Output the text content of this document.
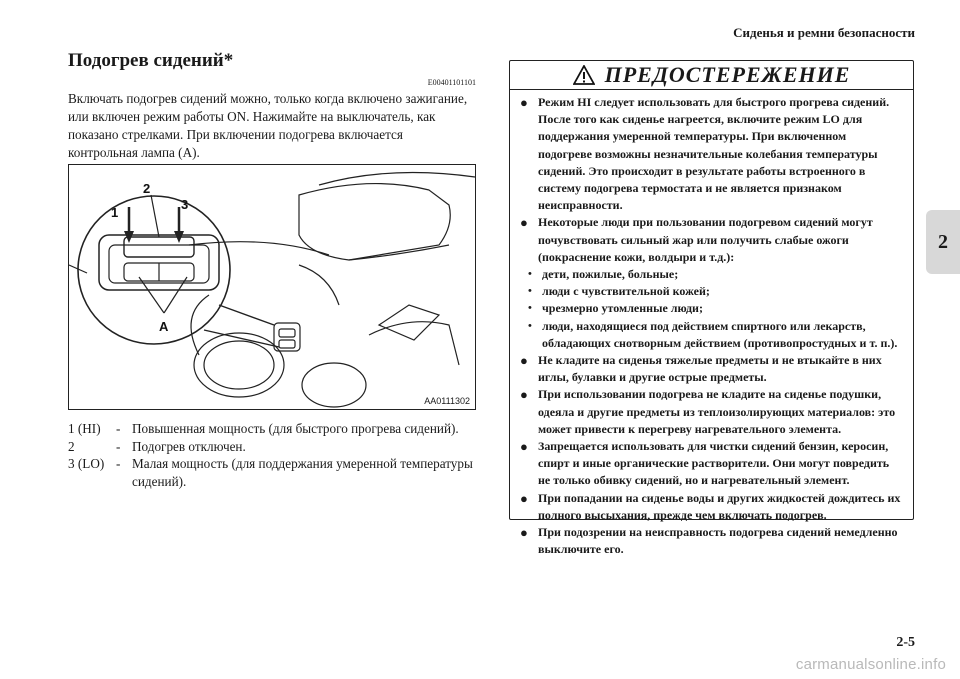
Сиденья и ремни безопасности
2
Подогрев сидений*
E00401101101
Включать подогрев сидений можно, только когда включено зажигание, или включен режим работы ON. Нажимайте на выключатель, как показано стрелками. При включении подогрева включается контрольная лампа (A).
1
2
3
A
AA0111302
1 (HI)	- Повышенная мощность (для быстрого прогрева сидений).
2	- Подогрев отключен.
3 (LO) - Малая мощность (для поддержания умеренной температуры сидений).
ПРЕДОСТЕРЕЖЕНИЕ
● Режим HI следует использовать для быстрого прогрева сидений. После того как сиденье нагреется, включите режим LO для поддержания умеренной температуры. При включенном подогреве возможны незначительные колебания температуры сидений. Это происходит в результате работы встроенного в систему подогрева термостата и не является признаком неисправности.
● Некоторые люди при пользовании подогревом сидений могут почувствовать сильный жар или получить слабые ожоги (покраснение кожи, волдыри и т.д.):
• дети, пожилые, больные;
• люди с чувствительной кожей;
• чрезмерно утомленные люди;
• люди, находящиеся под действием спиртного или лекарств, обладающих снотворным действием (противопростудных и т. п.).
● Не кладите на сиденья тяжелые предметы и не втыкайте в них иглы, булавки и другие острые предметы.
● При использовании подогрева не кладите на сиденье подушки, одеяла и другие предметы из теплоизолирующих материалов: это может привести к перегреву нагревательного элемента.
● Запрещается использовать для чистки сидений бензин, керосин, спирт и иные органические растворители. Они могут повредить не только обивку сидений, но и нагревательный элемент.
● При попадании на сиденье воды и других жидкостей дождитесь их полного высыхания, прежде чем включать подогрев.
● При подозрении на неисправность подогрева сидений немедленно выключите его.
2-5
carmanualsonline.info
